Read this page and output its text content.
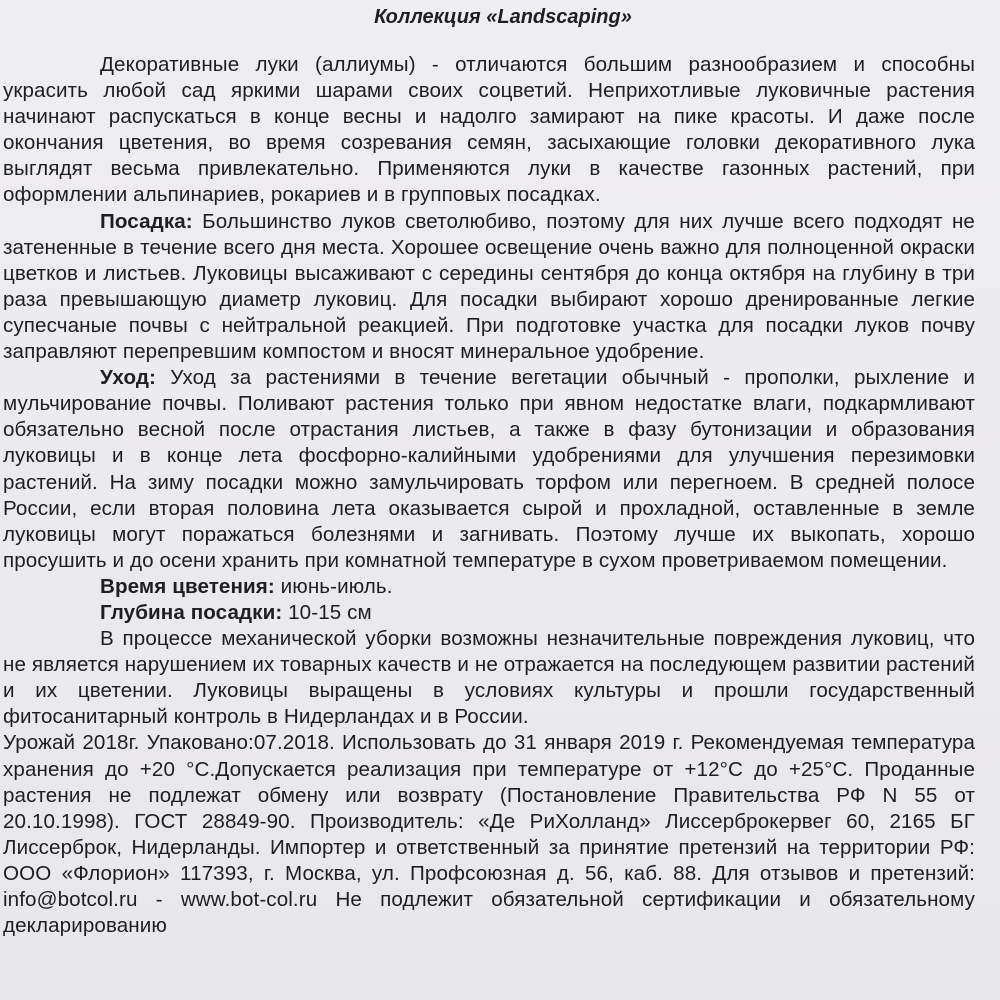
Коллекция «Landscaping»

Декоративные луки (аллиумы) - отличаются большим разнообразием и способны украсить любой сад яркими шарами своих соцветий. Неприхотливые луковичные растения начинают распускаться в конце весны и надолго замирают на пике красоты. И даже после окончания цветения, во время созревания семян, засыхающие головки декоративного лука выглядят весьма привлекательно. Применяются луки в качестве газонных растений, при оформлении альпинариев, рокариев и в групповых посадках.

Посадка: Большинство луков светолюбиво, поэтому для них лучше всего подходят не затененные в течение всего дня места. Хорошее освещение очень важно для полноценной окраски цветков и листьев. Луковицы высаживают с середины сентября до конца октября на глубину в три раза превышающую диаметр луковиц. Для посадки выбирают хорошо дренированные легкие супесчаные почвы с нейтральной реакцией. При подготовке участка для посадки луков почву заправляют перепревшим компостом и вносят минеральное удобрение.

Уход: Уход за растениями в течение вегетации обычный - прополки, рыхление и мульчирование почвы. Поливают растения только при явном недостатке влаги, подкармливают обязательно весной после отрастания листьев, а также в фазу бутонизации и образования луковицы и в конце лета фосфорно-калийными удобрениями для улучшения перезимовки растений. На зиму посадки можно замульчировать торфом или перегноем. В средней полосе России, если вторая половина лета оказывается сырой и прохладной, оставленные в земле луковицы могут поражаться болезнями и загнивать. Поэтому лучше их выкопать, хорошо просушить и до осени хранить при комнатной температуре в сухом проветриваемом помещении.

Время цветения: июнь-июль.

Глубина посадки: 10-15 см

В процессе механической уборки возможны незначительные повреждения луковиц, что не является нарушением их товарных качеств и не отражается на последующем развитии растений и их цветении. Луковицы выращены в условиях культуры и прошли государственный фитосанитарный контроль в Нидерландах и в России.

Урожай 2018г. Упаковано:07.2018. Использовать до 31 января 2019 г. Рекомендуемая температура хранения до +20 °С.Допускается реализация при температуре от +12°С до +25°С. Проданные растения не подлежат обмену или возврату (Постановление Правительства РФ N 55 от 20.10.1998). ГОСТ 28849-90. Производитель: «Де РиХолланд» Лиссерброкервег 60, 2165 БГ Лиссерброк, Нидерланды. Импортер и ответственный за принятие претензий на территории РФ: ООО «Флорион» 117393, г. Москва, ул. Профсоюзная д. 56, каб. 88. Для отзывов и претензий: info@botcol.ru - www.bot-col.ru Не подлежит обязательной сертификации и обязательному декларированию
